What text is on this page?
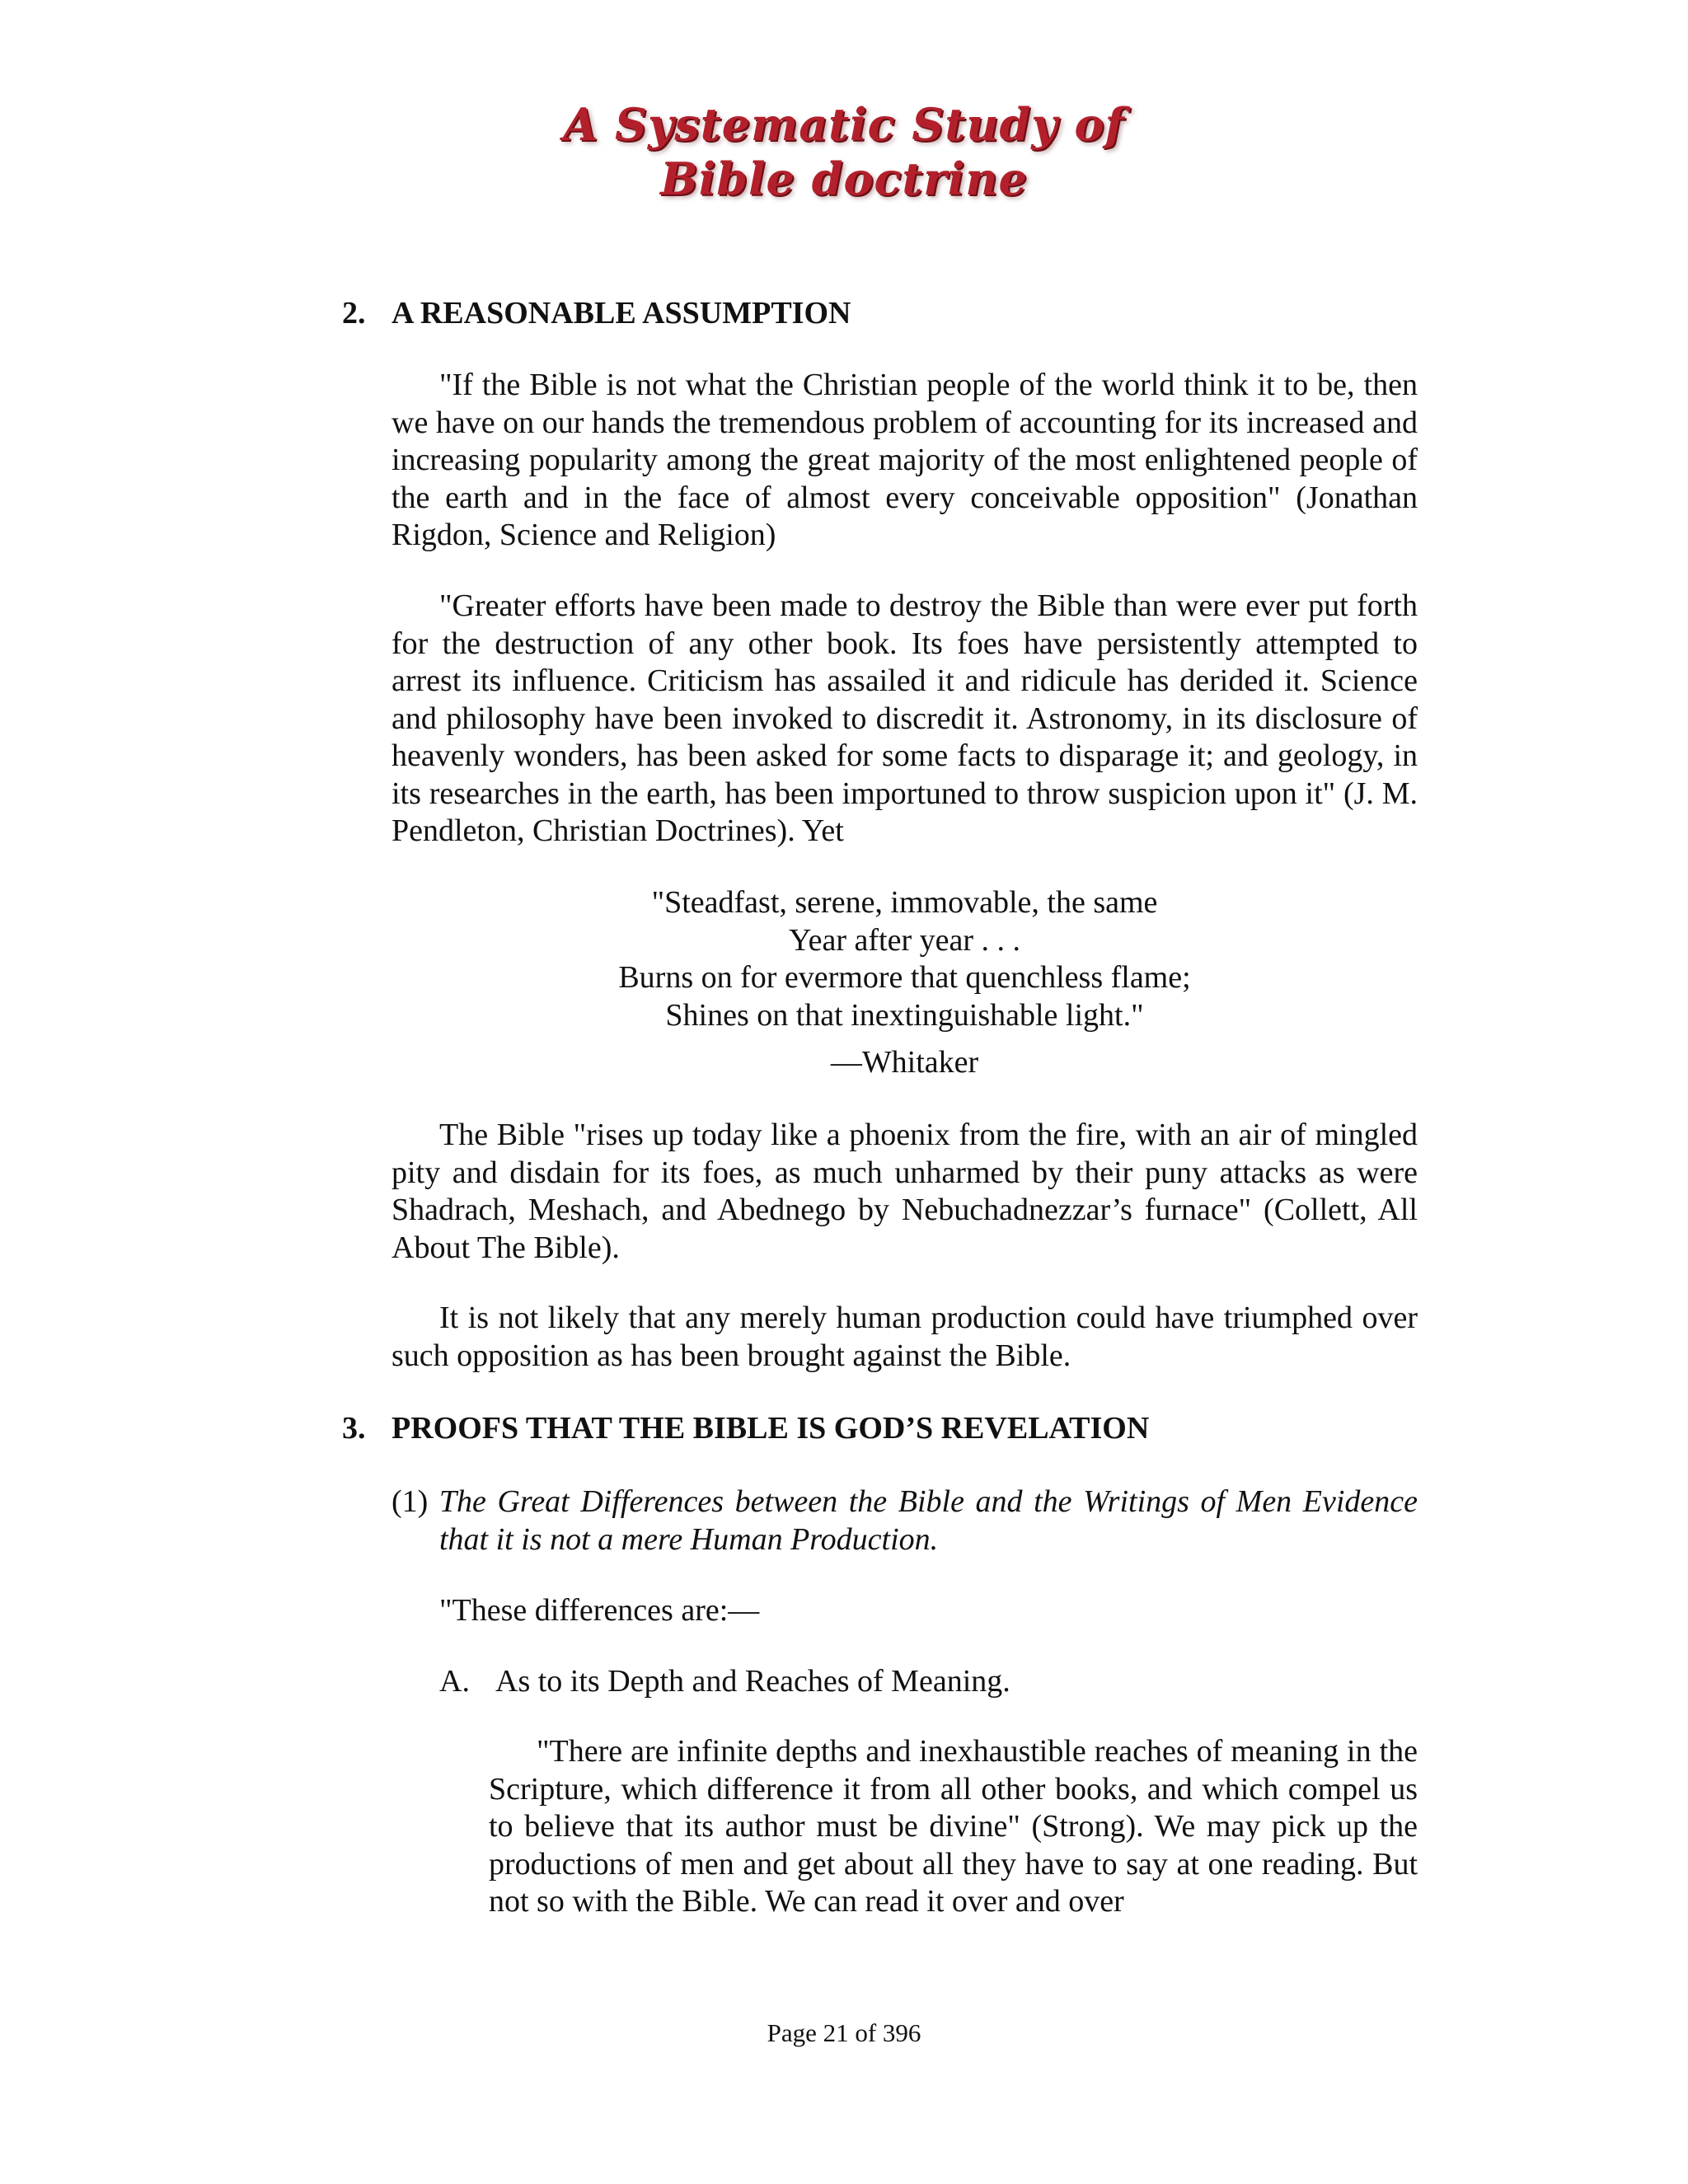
A Systematic Study of
Bible doctrine
2. A REASONABLE ASSUMPTION
"If the Bible is not what the Christian people of the world think it to be, then we have on our hands the tremendous problem of accounting for its increased and increasing popularity among the great majority of the most enlightened people of the earth and in the face of almost every conceivable opposition" (Jonathan Rigdon, Science and Religion)
"Greater efforts have been made to destroy the Bible than were ever put forth for the destruction of any other book. Its foes have persistently attempted to arrest its influence. Criticism has assailed it and ridicule has derided it. Science and philosophy have been invoked to discredit it. Astronomy, in its disclosure of heavenly wonders, has been asked for some facts to disparage it; and geology, in its researches in the earth, has been importuned to throw suspicion upon it" (J. M. Pendleton, Christian Doctrines). Yet
"Steadfast, serene, immovable, the same
Year after year . . .
Burns on for evermore that quenchless flame;
Shines on that inextinguishable light."
—Whitaker
The Bible "rises up today like a phoenix from the fire, with an air of mingled pity and disdain for its foes, as much unharmed by their puny attacks as were Shadrach, Meshach, and Abednego by Nebuchadnezzar’s furnace" (Collett, All About The Bible).
It is not likely that any merely human production could have triumphed over such opposition as has been brought against the Bible.
3. PROOFS THAT THE BIBLE IS GOD’S REVELATION
(1) The Great Differences between the Bible and the Writings of Men Evidence that it is not a mere Human Production.
"These differences are:—
A. As to its Depth and Reaches of Meaning.
"There are infinite depths and inexhaustible reaches of meaning in the Scripture, which difference it from all other books, and which compel us to believe that its author must be divine" (Strong). We may pick up the productions of men and get about all they have to say at one reading. But not so with the Bible. We can read it over and over
Page 21 of 396
